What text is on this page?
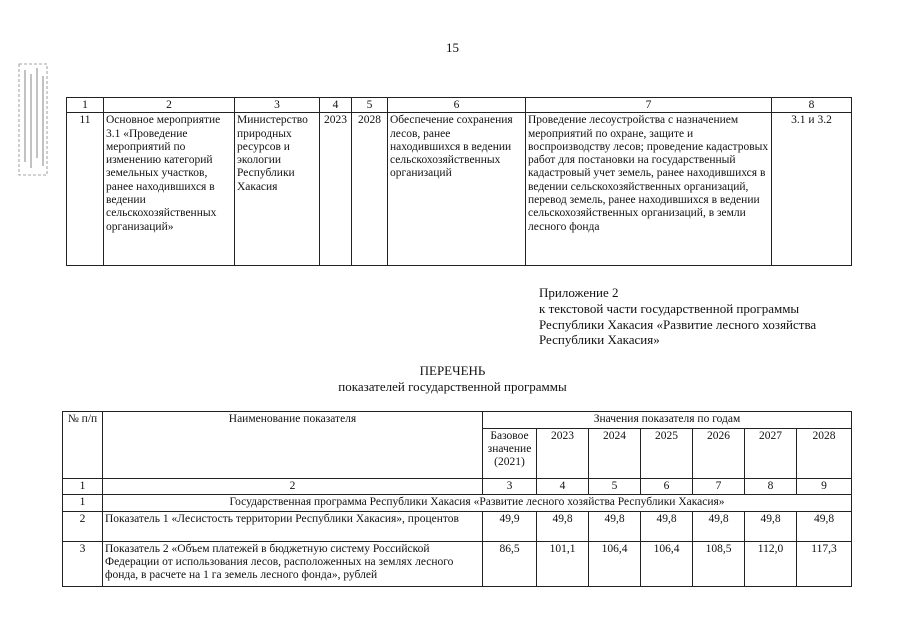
15
1	2	3	4	5	6	7	8
11	Основное мероприятие 3.1 «Проведение мероприятий по изменению категорий земельных участков, ранее находившихся в ведении сельскохозяйственных организаций»	Министерство природных ресурсов и экологии Республики Хакасия	2023	2028	Обеспечение сохранения лесов, ранее находившихся в ведении сельскохозяйственных организаций	Проведение лесоустройства с назначением мероприятий по охране, защите и воспроизводству лесов; проведение кадастровых работ для постановки на государственный кадастровый учет земель, ранее находившихся в ведении сельскохозяйственных организаций, перевод земель, ранее находившихся в ведении сельскохозяйственных организаций, в земли лесного фонда	3.1 и 3.2
Приложение 2
к текстовой части государственной программы
Республики Хакасия «Развитие лесного хозяйства
Республики Хакасия»
ПЕРЕЧЕНЬ
показателей государственной программы
№ п/п	Наименование показателя	Значения показателя по годам						
		Базовое значение (2021)	2023	2024	2025	2026	2027	2028
1	2	3	4	5	6	7	8	9
1	Государственная программа Республики Хакасия «Развитие лесного хозяйства Республики Хакасия»							
2	Показатель 1 «Лесистость территории Республики Хакасия», процентов	49,9	49,8	49,8	49,8	49,8	49,8	49,8
3	Показатель 2 «Объем платежей в бюджетную систему Российской Федерации от использования лесов, расположенных на землях лесного фонда, в расчете на 1 га земель лесного фонда», рублей	86,5	101,1	106,4	106,4	108,5	112,0	117,3
